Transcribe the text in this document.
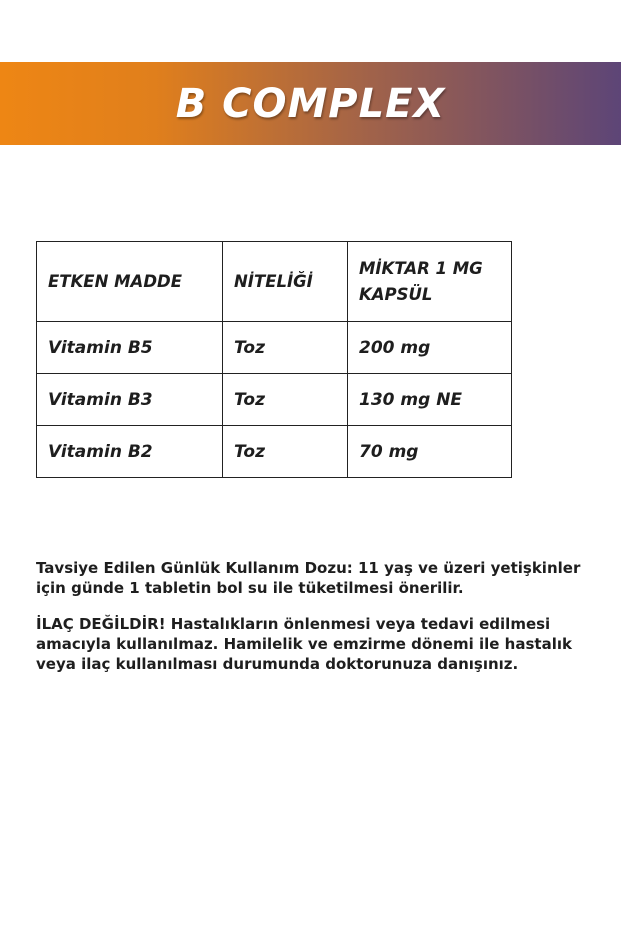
B COMPLEX
ETKEN MADDE	NİTELİĞİ	MİKTAR 1 MG KAPSÜL
Vitamin B5	Toz	200 mg
Vitamin B3	Toz	130 mg NE
Vitamin B2	Toz	70 mg
Tavsiye Edilen Günlük Kullanım Dozu: 11 yaş ve üzeri yetişkinler için günde 1 tabletin bol su ile tüketilmesi önerilir.
İLAÇ DEĞİLDİR! Hastalıkların önlenmesi veya tedavi edilmesi amacıyla kullanılmaz. Hamilelik ve emzirme dönemi ile hastalık veya ilaç kullanılması durumunda doktorunuza danışınız.
